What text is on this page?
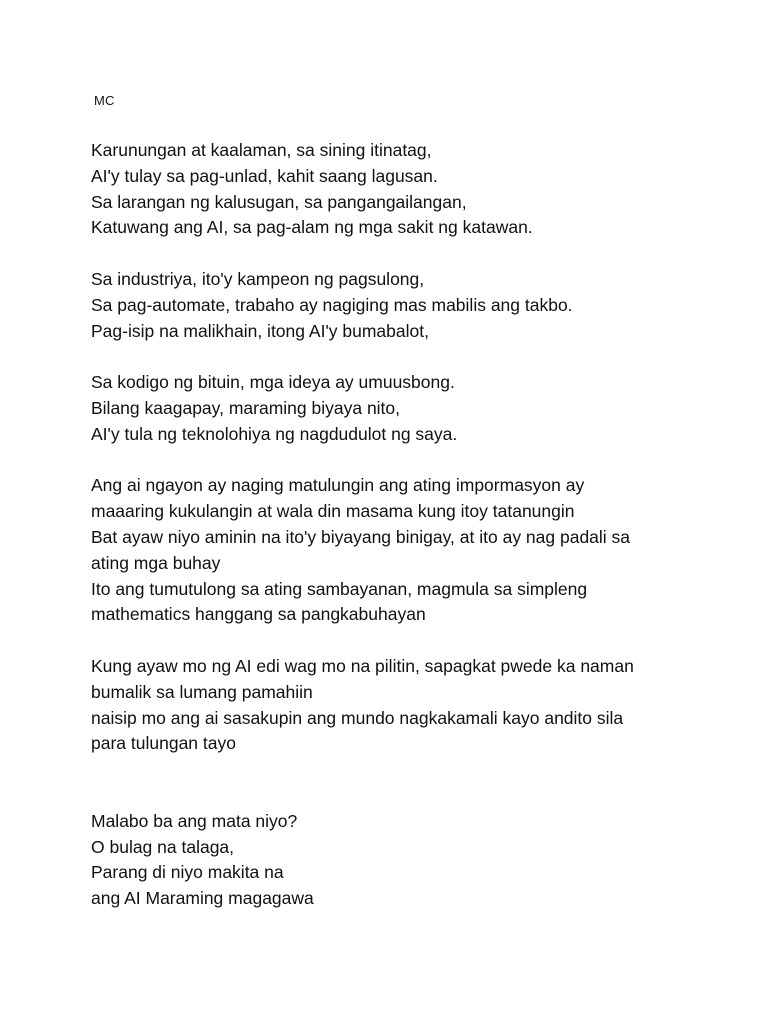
MC
Karunungan at kaalaman, sa sining itinatag,
AI'y tulay sa pag-unlad, kahit saang lagusan.
Sa larangan ng kalusugan, sa pangangailangan,
Katuwang ang AI, sa pag-alam ng mga sakit ng katawan.
Sa industriya, ito'y kampeon ng pagsulong,
Sa pag-automate, trabaho ay nagiging mas mabilis ang takbo.
Pag-isip na malikhain, itong AI'y bumabalot,
Sa kodigo ng bituin, mga ideya ay umuusbong.
Bilang kaagapay, maraming biyaya nito,
AI'y tula ng teknolohiya ng nagdudulot ng saya.
Ang ai ngayon ay naging matulungin ang ating impormasyon ay
maaaring kukulangin at wala din masama kung itoy tatanungin
Bat ayaw niyo aminin na ito'y biyayang binigay, at ito ay nag padali sa
ating mga buhay
Ito ang tumutulong sa ating sambayanan, magmula sa simpleng
mathematics hanggang sa pangkabuhayan
Kung ayaw mo ng AI edi wag mo na pilitin, sapagkat pwede ka naman
bumalik sa lumang pamahiin
naisip mo ang ai sasakupin ang mundo nagkakamali kayo andito sila
para tulungan tayo
Malabo ba ang mata niyo?
O bulag na talaga,
Parang di niyo makita na
ang AI Maraming magagawa
